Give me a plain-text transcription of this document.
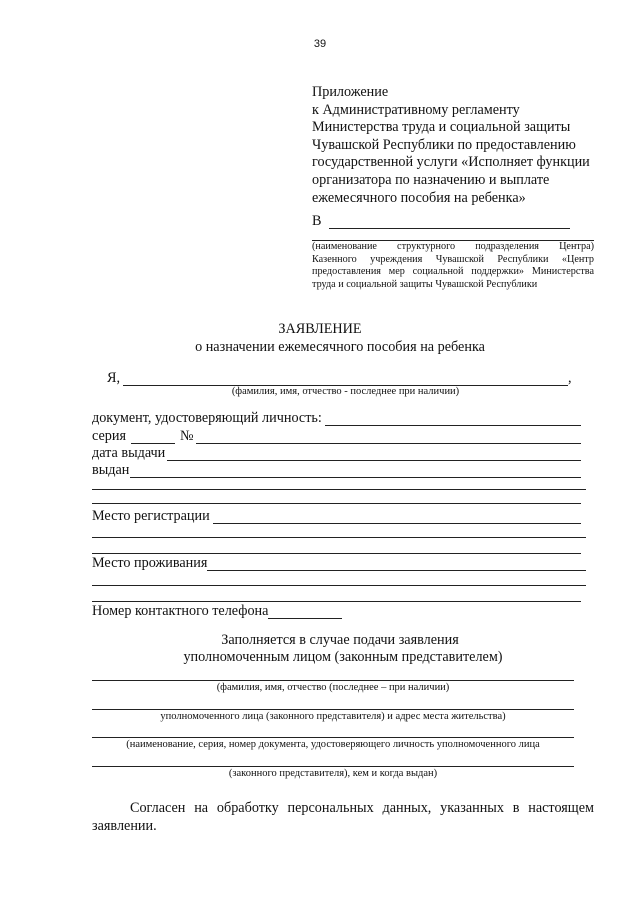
39
Приложение
к Административному регламенту
Министерства труда и социальной защиты
Чувашской Республики по предоставлению
государственной услуги «Исполняет функции
организатора по назначению и выплате
ежемесячного пособия на ребенка»
В
(наименование структурного подразделения Центра)
Казенного учреждения Чувашской Республики «Центр
предоставления мер социальной поддержки» Министерства
труда и социальной защиты Чувашской Республики
ЗАЯВЛЕНИЕ
о назначении ежемесячного пособия на ребенка
Я,	,
(фамилия, имя, отчество - последнее при наличии)
документ, удостоверяющий личность:
серия	№
дата выдачи
выдан
Место регистрации
Место проживания
Номер контактного телефона
Заполняется в случае подачи заявления
уполномоченным лицом (законным представителем)
(фамилия, имя, отчество (последнее – при наличии)
уполномоченного лица (законного представителя) и адрес места жительства)
(наименование, серия, номер документа, удостоверяющего личность уполномоченного лица
(законного представителя), кем и когда выдан)
Согласен на обработку персональных данных, указанных в настоящем
заявлении.
